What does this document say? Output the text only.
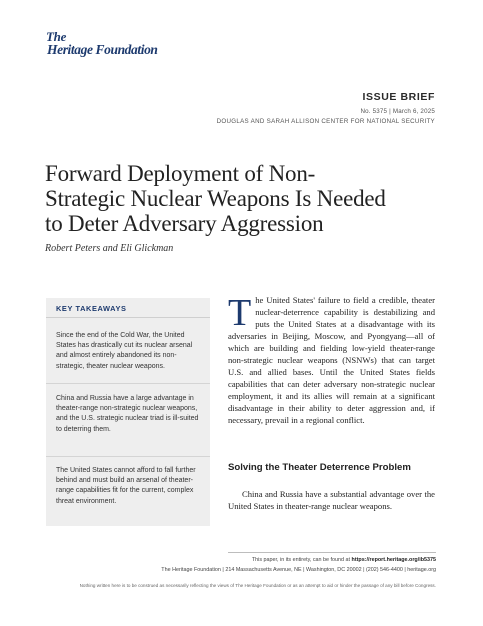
The
Heritage Foundation
ISSUE BRIEF
No. 5375 | March 6, 2025
DOUGLAS AND SARAH ALLISON CENTER FOR NATIONAL SECURITY
Forward Deployment of Non-
Strategic Nuclear Weapons Is Needed
to Deter Adversary Aggression
Robert Peters and Eli Glickman
KEY TAKEAWAYS
Since the end of the Cold War, the United States has drastically cut its nuclear arsenal and almost entirely abandoned its non-strategic, theater nuclear weapons.
China and Russia have a large advantage in theater-range non-strategic nuclear weapons, and the U.S. strategic nuclear triad is ill-suited to deterring them.
The United States cannot afford to fall further behind and must build an arsenal of theater-range capabilities fit for the current, complex threat environment.
T he United States' failure to field a credible, theater nuclear-deterrence capability is destabilizing and puts the United States at a disadvantage with its adversaries in Beijing, Moscow, and Pyongyang—all of which are building and fielding low-yield theater-range non-strategic nuclear weapons (NSNWs) that can target U.S. and allied bases. Until the United States fields capabilities that can deter adversary non-strategic nuclear employment, it and its allies will remain at a significant disadvantage in their ability to deter aggression and, if necessary, prevail in a regional conflict.
Solving the Theater Deterrence Problem
China and Russia have a substantial advantage over the United States in theater-range nuclear weapons.
This paper, in its entirety, can be found at https://report.heritage.org/ib5375
The Heritage Foundation | 214 Massachusetts Avenue, NE | Washington, DC 20002 | (202) 546-4400 | heritage.org
Nothing written here is to be construed as necessarily reflecting the views of The Heritage Foundation or as an attempt to aid or hinder the passage of any bill before Congress.
